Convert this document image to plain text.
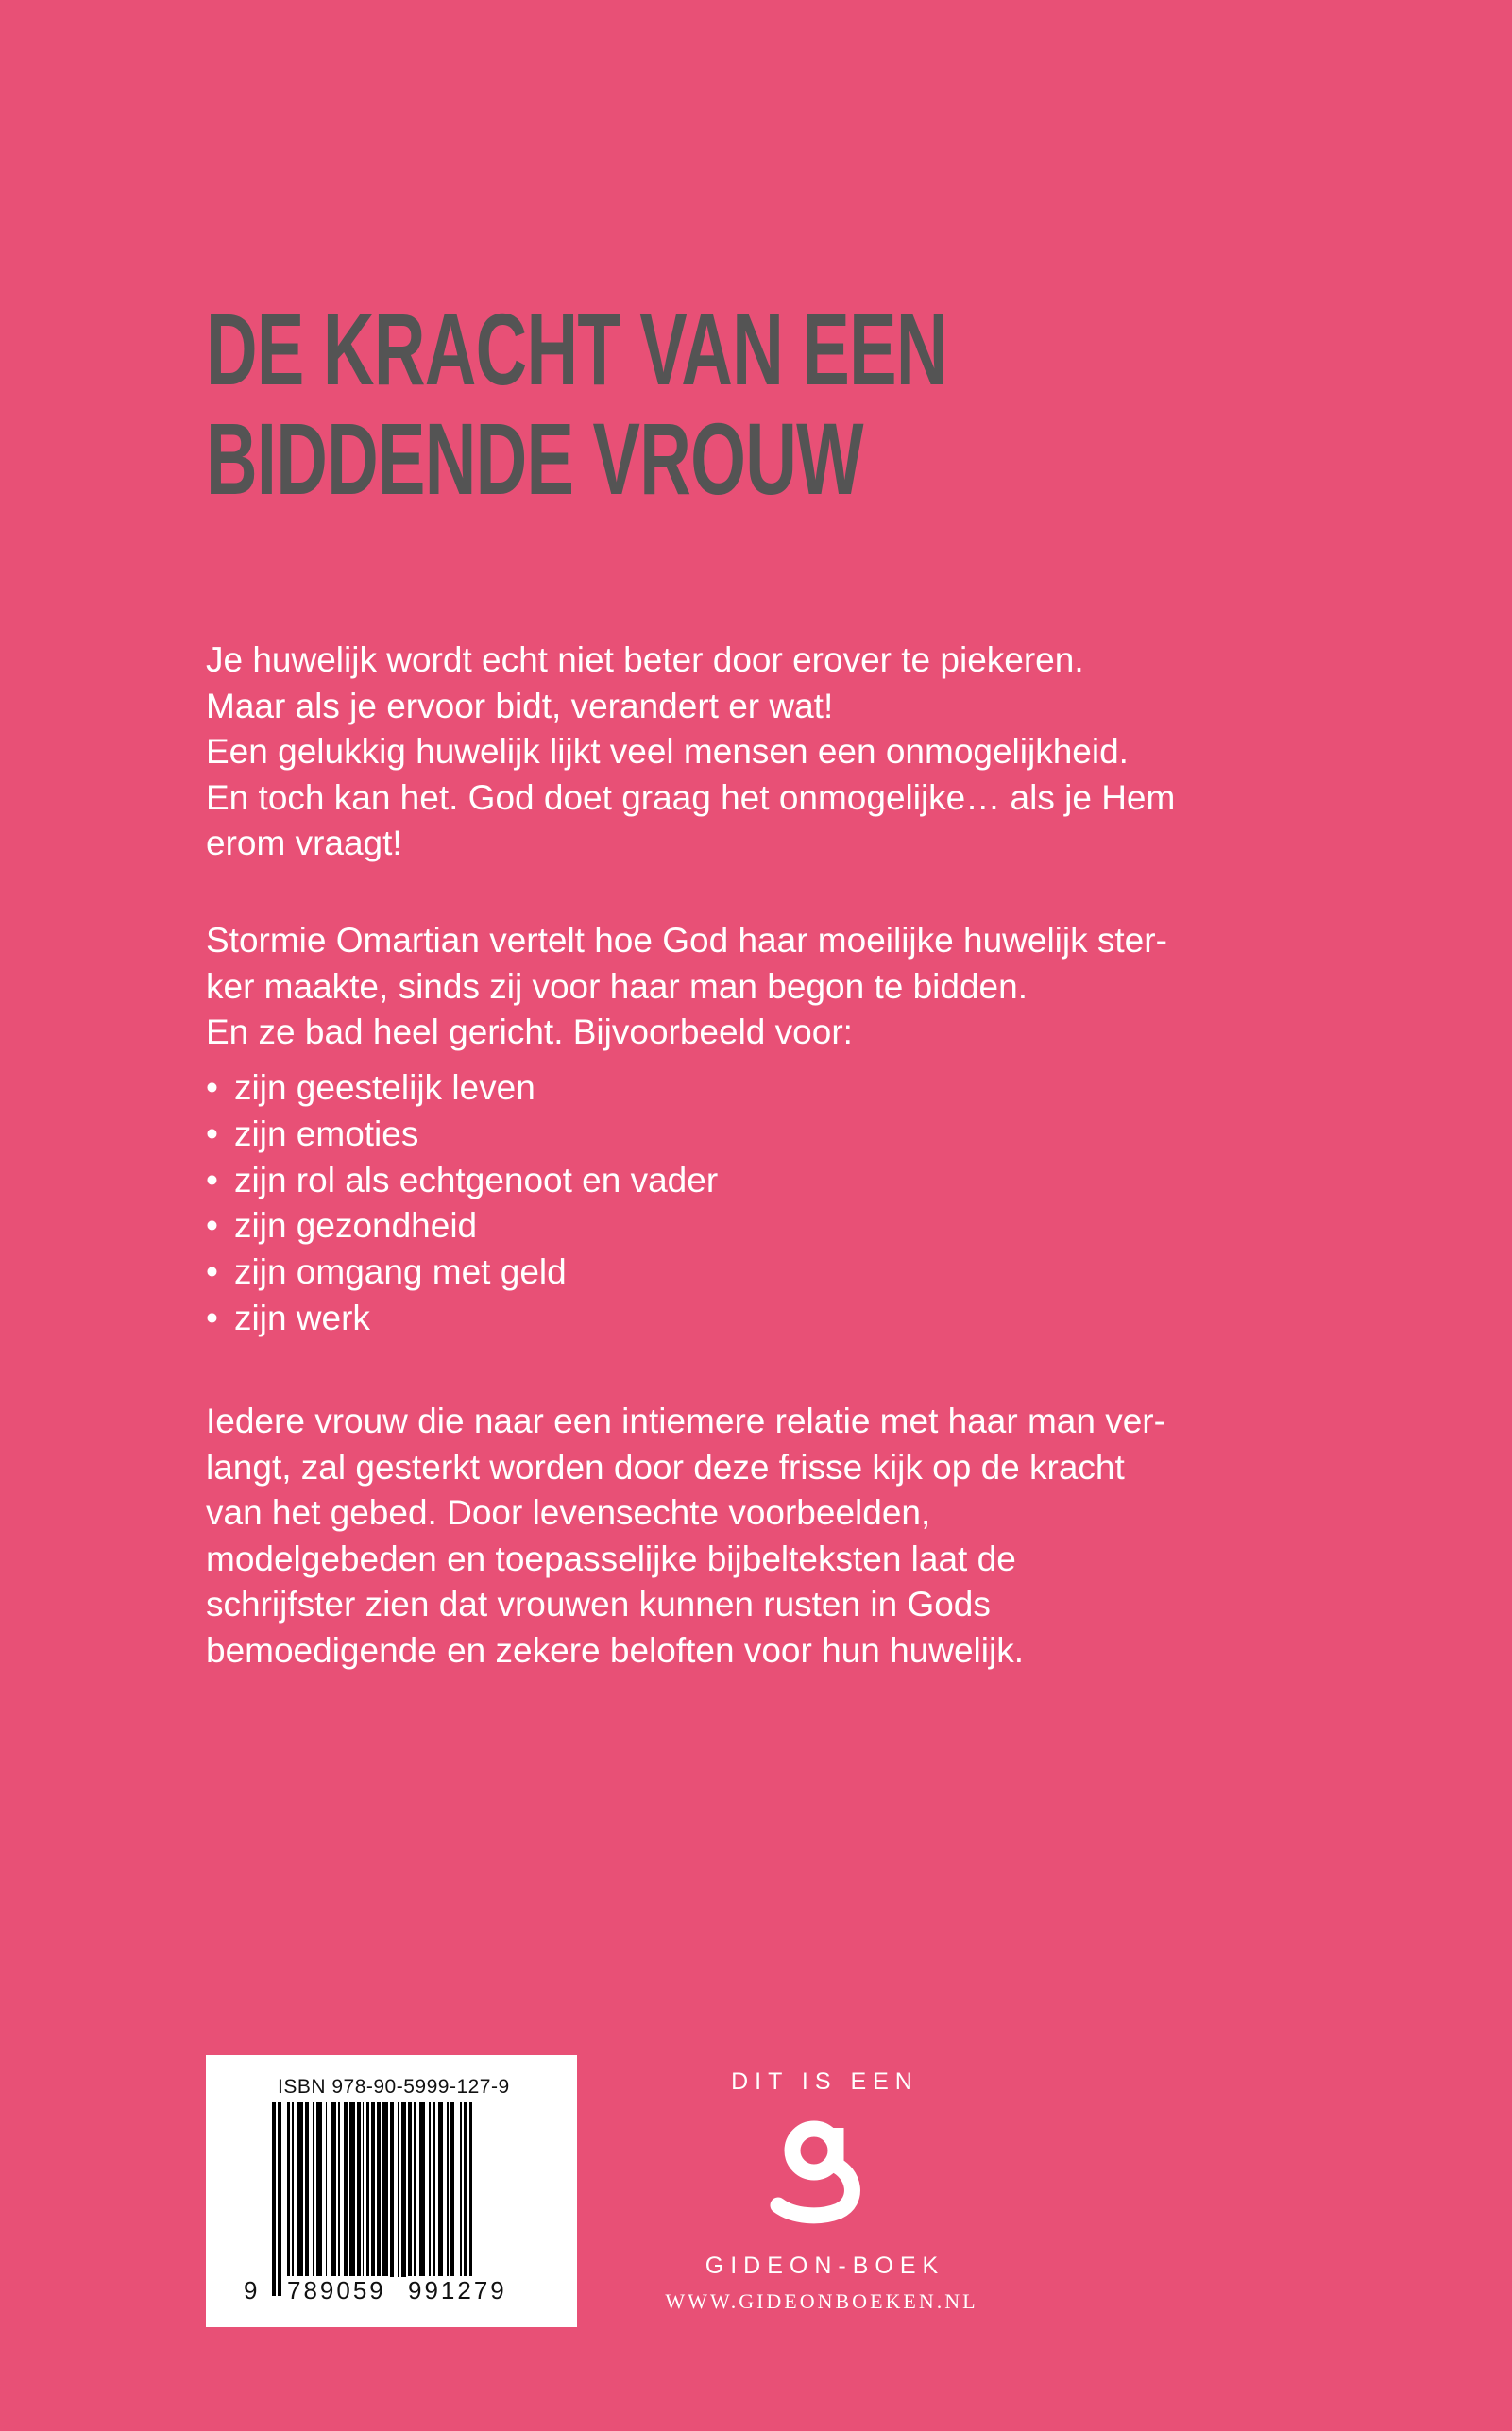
DE KRACHT VAN EEN
BIDDENDE VROUW
Je huwelijk wordt echt niet beter door erover te piekeren.
Maar als je ervoor bidt, verandert er wat!
Een gelukkig huwelijk lijkt veel mensen een onmogelijkheid.
En toch kan het. God doet graag het onmogelijke… als je Hem
erom vraagt!
Stormie Omartian vertelt hoe God haar moeilijke huwelijk ster-
ker maakte, sinds zij voor haar man begon te bidden.
En ze bad heel gericht. Bijvoorbeeld voor:
• zijn geestelijk leven
• zijn emoties
• zijn rol als echtgenoot en vader
• zijn gezondheid
• zijn omgang met geld
• zijn werk
Iedere vrouw die naar een intiemere relatie met haar man ver-
langt, zal gesterkt worden door deze frisse kijk op de kracht
van het gebed. Door levensechte voorbeelden,
modelgebeden en toepasselijke bijbelteksten laat de
schrijfster zien dat vrouwen kunnen rusten in Gods
bemoedigende en zekere beloften voor hun huwelijk.
ISBN 978-90-5999-127-9
9 789059 991279
DIT IS EEN
GIDEON-BOEK
WWW.GIDEONBOEKEN.NL
